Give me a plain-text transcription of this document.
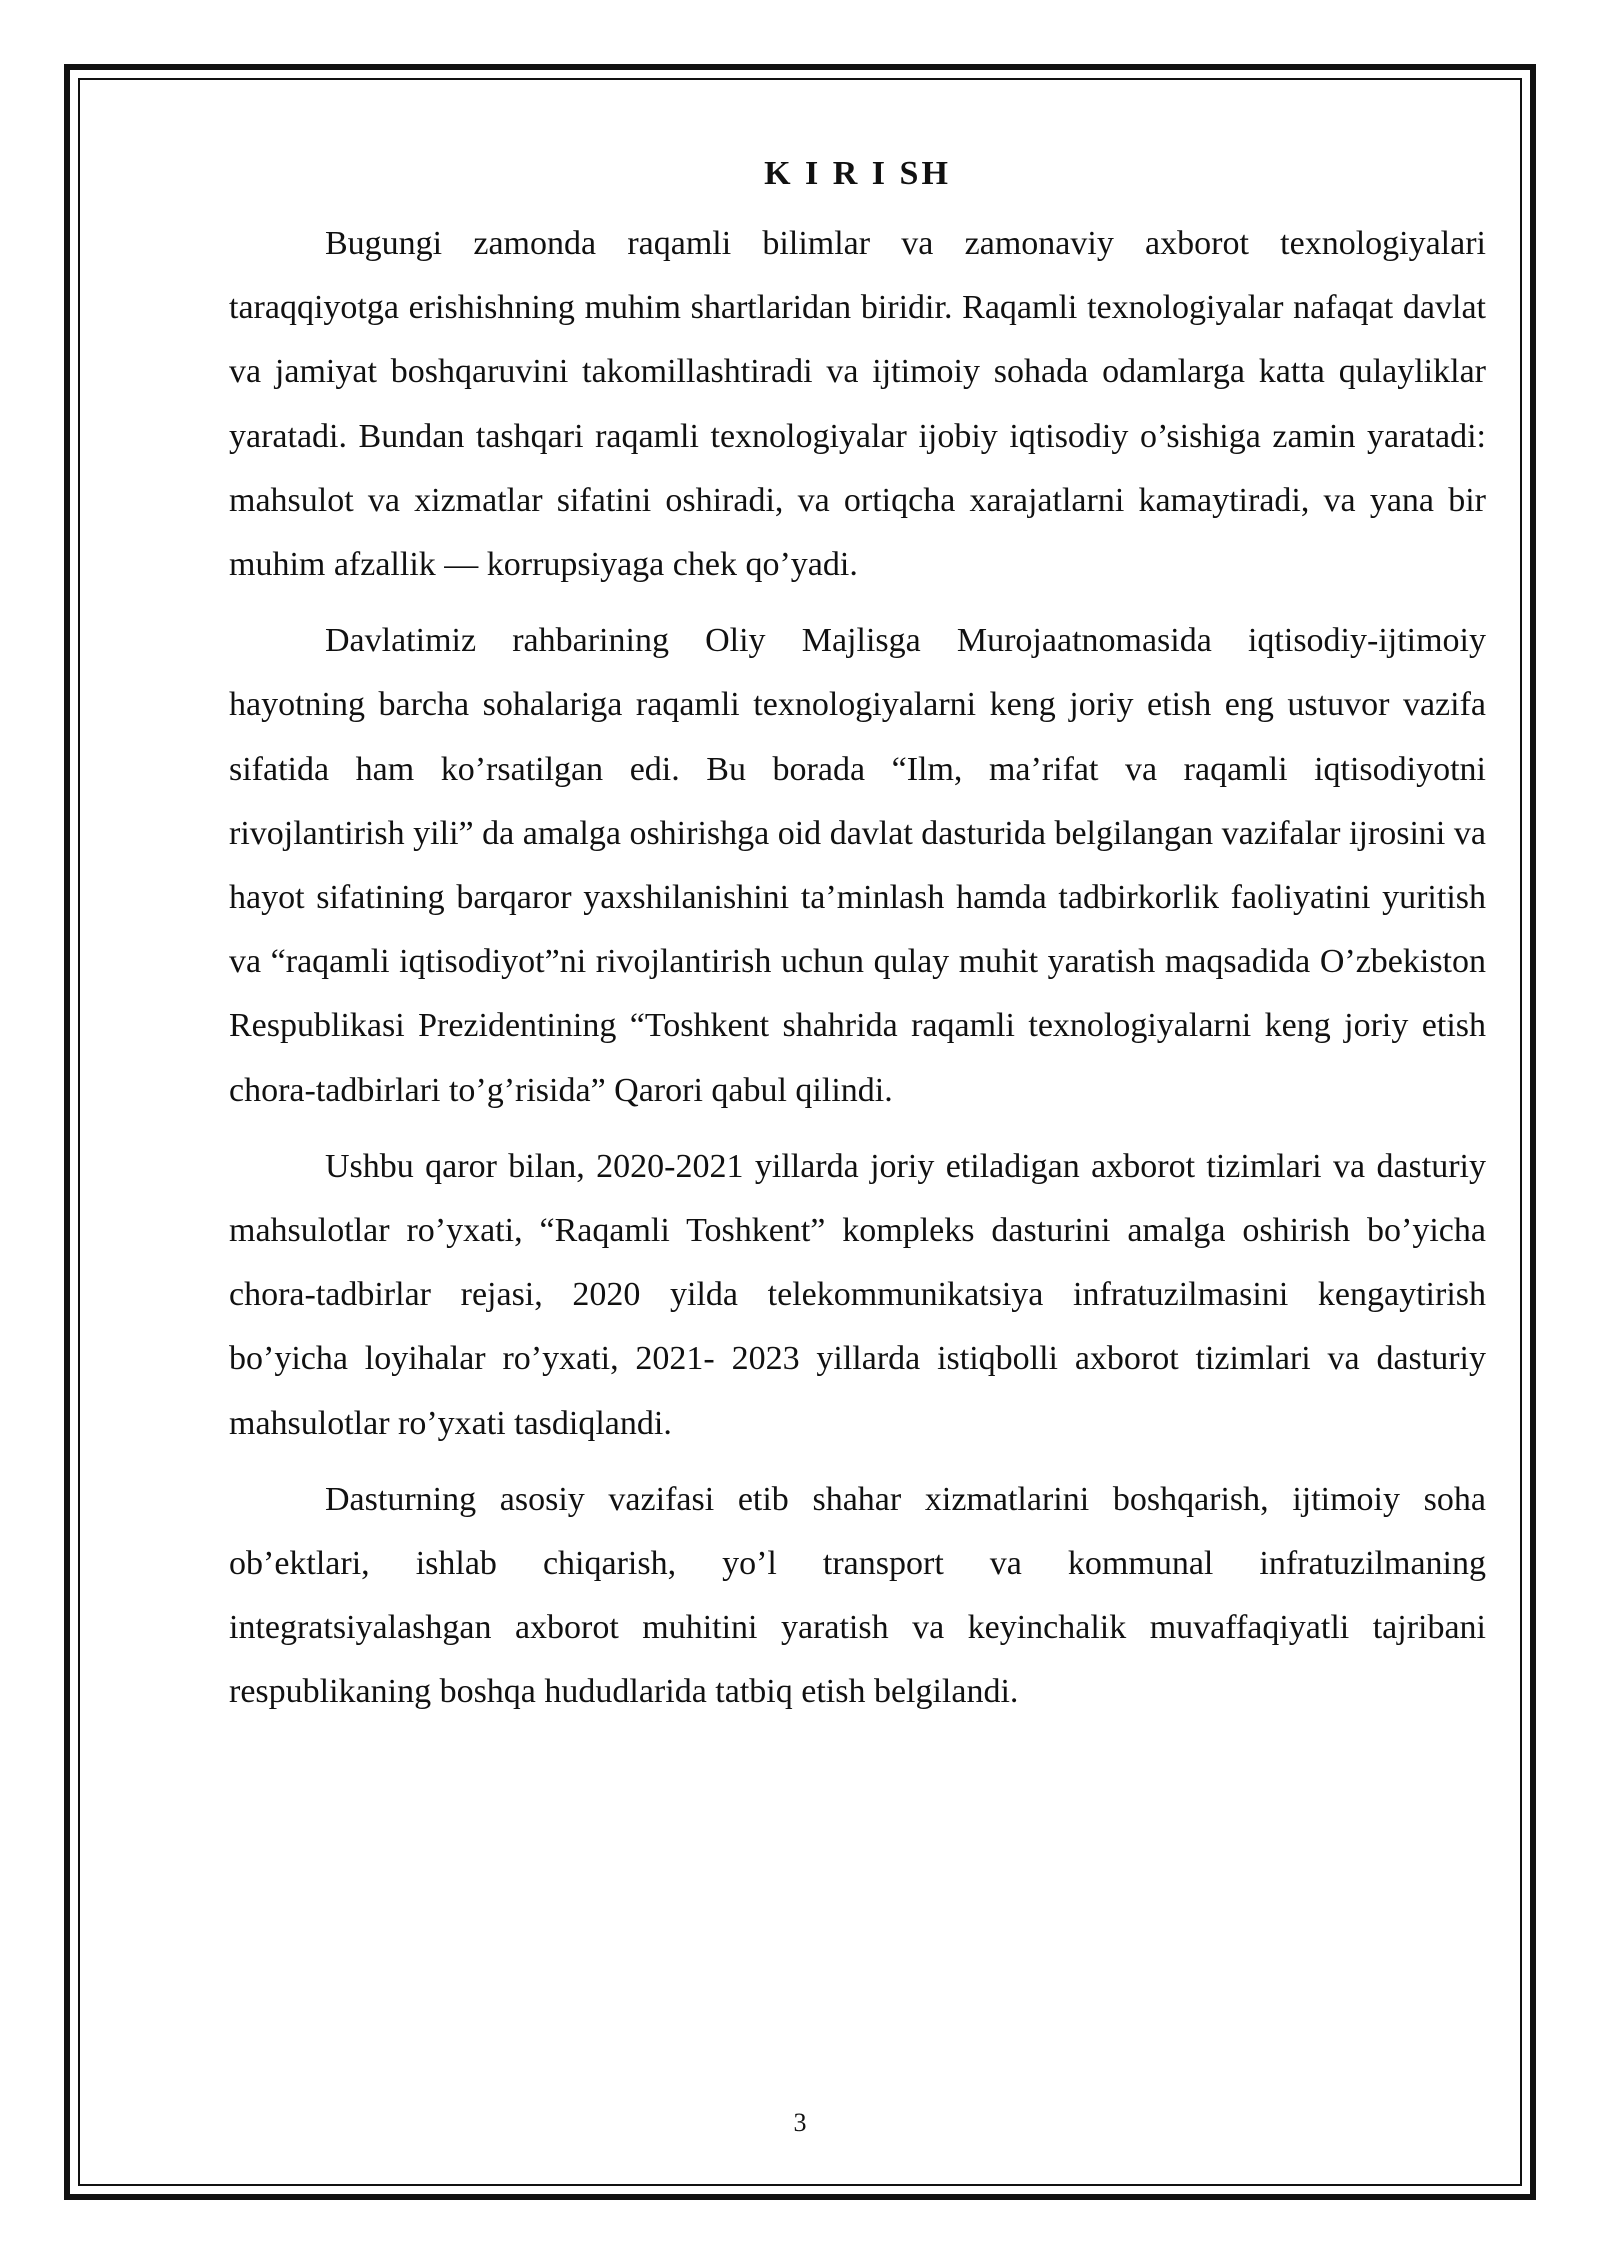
K I R I SH

Bugungi zamonda raqamli bilimlar va zamonaviy axborot texnologiyalari taraqqiyotga erishishning muhim shartlaridan biridir. Raqamli texnologiyalar nafaqat davlat va jamiyat boshqaruvini takomillashtiradi va ijtimoiy sohada odamlarga katta qulayliklar yaratadi. Bundan tashqari raqamli texnologiyalar ijobiy iqtisodiy o’sishiga zamin yaratadi: mahsulot va xizmatlar sifatini oshiradi, va ortiqcha xarajatlarni kamaytiradi, va yana bir muhim afzallik — korrupsiyaga chek qo’yadi.

Davlatimiz rahbarining Oliy Majlisga Murojaatnomasida iqtisodiy-ijtimoiy hayotning barcha sohalariga raqamli texnologiyalarni keng joriy etish eng ustuvor vazifa sifatida ham ko’rsatilgan edi. Bu borada “Ilm, ma’rifat va raqamli iqtisodiyotni rivojlantirish yili” da amalga oshirishga oid davlat dasturida belgilangan vazifalar ijrosini va hayot sifatining barqaror yaxshilanishini ta’minlash hamda tadbirkorlik faoliyatini yuritish va “raqamli iqtisodiyot”ni rivojlantirish uchun qulay muhit yaratish maqsadida O’zbekiston Respublikasi Prezidentining “Toshkent shahrida raqamli texnologiyalarni keng joriy etish chora-tadbirlari to’g’risida” Qarori qabul qilindi.

Ushbu qaror bilan, 2020-2021 yillarda joriy etiladigan axborot tizimlari va dasturiy mahsulotlar ro’yxati, “Raqamli Toshkent” kompleks dasturini amalga oshirish bo’yicha chora-tadbirlar rejasi, 2020 yilda telekommunikatsiya infratuzilmasini kengaytirish bo’yicha loyihalar ro’yxati, 2021- 2023 yillarda istiqbolli axborot tizimlari va dasturiy mahsulotlar ro’yxati tasdiqlandi.

Dasturning asosiy vazifasi etib shahar xizmatlarini boshqarish, ijtimoiy soha ob’ektlari, ishlab chiqarish, yo’l transport va kommunal infratuzilmaning integratsiyalashgan axborot muhitini yaratish va keyinchalik muvaffaqiyatli tajribani respublikaning boshqa hududlarida tatbiq etish belgilandi.

3
